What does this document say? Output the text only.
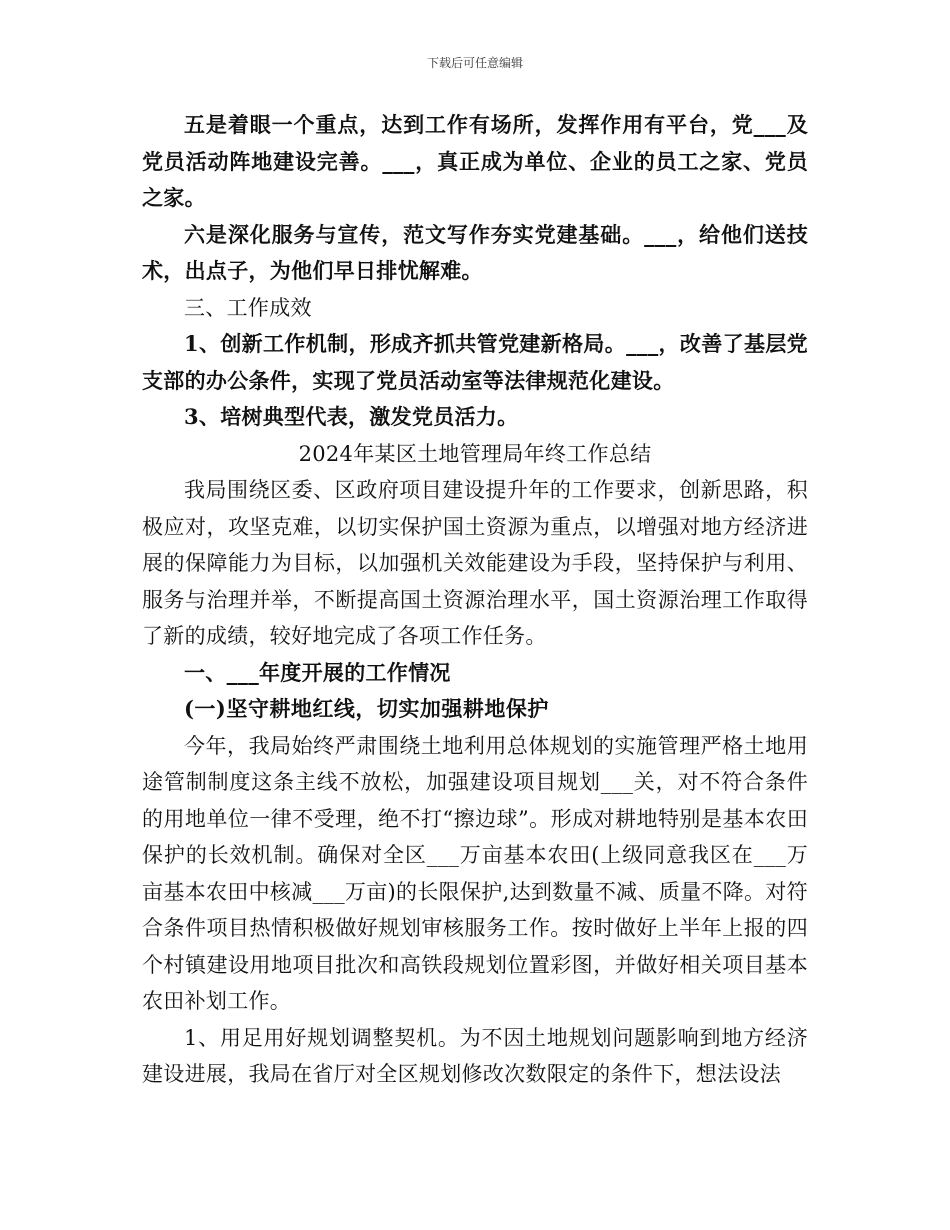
下载后可任意编辑

五是着眼一个重点，达到工作有场所，发挥作用有平台，党___及党员活动阵地建设完善。___，真正成为单位、企业的员工之家、党员之家。

六是深化服务与宣传，范文写作夯实党建基础。___，给他们送技术，出点子，为他们早日排忧解难。

三、工作成效

1、创新工作机制，形成齐抓共管党建新格局。___，改善了基层党支部的办公条件，实现了党员活动室等法律规范化建设。

3、培树典型代表，激发党员活力。

2024年某区土地管理局年终工作总结

我局围绕区委、区政府项目建设提升年的工作要求，创新思路，积极应对，攻坚克难，以切实保护国土资源为重点，以增强对地方经济进展的保障能力为目标，以加强机关效能建设为手段，坚持保护与利用、服务与治理并举，不断提高国土资源治理水平，国土资源治理工作取得了新的成绩，较好地完成了各项工作任务。

一、___年度开展的工作情况

(一)坚守耕地红线，切实加强耕地保护

今年，我局始终严肃围绕土地利用总体规划的实施管理严格土地用途管制制度这条主线不放松，加强建设项目规划___关，对不符合条件的用地单位一律不受理，绝不打“擦边球”。形成对耕地特别是基本农田保护的长效机制。确保对全区___万亩基本农田(上级同意我区在___万亩基本农田中核减___万亩)的长限保护,达到数量不减、质量不降。对符合条件项目热情积极做好规划审核服务工作。按时做好上半年上报的四个村镇建设用地项目批次和高铁段规划位置彩图，并做好相关项目基本农田补划工作。

1、用足用好规划调整契机。为不因土地规划问题影响到地方经济建设进展，我局在省厅对全区规划修改次数限定的条件下，想法设法
